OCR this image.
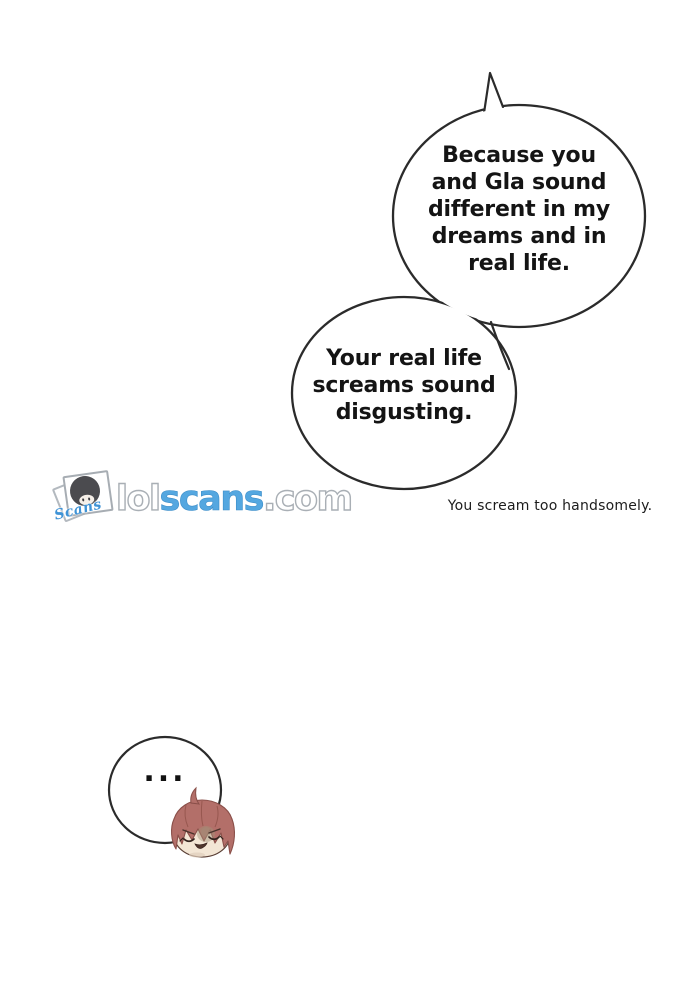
Because you
and Gla sound
different in my
dreams and in
real life.
Your real life
screams sound
disgusting.
...
You scream too handsomely.
Scans lolscans.com
